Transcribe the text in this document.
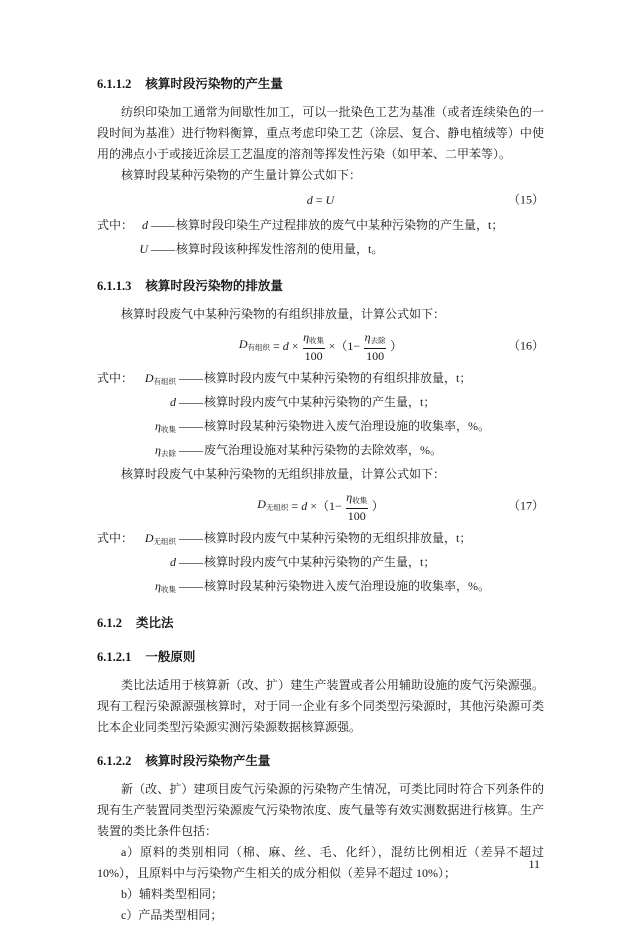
6.1.1.2 核算时段污染物的产生量

纺织印染加工通常为间歇性加工，可以一批染色工艺为基准（或者连续染色的一段时间为基准）进行物料衡算，重点考虑印染工艺（涂层、复合、静电植绒等）中使用的沸点小于或接近涂层工艺温度的溶剂等挥发性污染（如甲苯、二甲苯等）。

核算时段某种污染物的产生量计算公式如下：

d = U	（15）
式中： d —— 核算时段印染生产过程排放的废气中某种污染物的产生量，t；
U —— 核算时段该种挥发性溶剂的使用量，t。
6.1.1.3 核算时段污染物的排放量

核算时段废气中某种污染物的有组织排放量，计算公式如下：

$D_{有组织} = d \times \frac{\eta_{收集}}{100} \times(1- \frac{\eta_{去除}}{100}$ ）	（16）
式中： $D_{有组织}$ —— 核算时段内废气中某种污染物的有组织排放量，t；
d —— 核算时段内废气中某种污染物的产生量，t；
$\eta_{收集}$ —— 核算时段某种污染物进入废气治理设施的收集率，%。
$\eta_{去除}$ —— 废气治理设施对某种污染物的去除效率，%。

核算时段废气中某种污染物的无组织排放量，计算公式如下：

$D_{无组织} = d \times(1- \frac{\eta_{收集}}{100}$ ）	（17）
式中： $D_{无组织}$ —— 核算时段内废气中某种污染物的无组织排放量，t；
d —— 核算时段内废气中某种污染物的产生量，t；
$\eta_{收集}$ —— 核算时段某种污染物进入废气治理设施的收集率，%。
6.1.2 类比法
6.1.2.1 一般原则

类比法适用于核算新（改、扩）建生产装置或者公用辅助设施的废气污染源强。现有工程污染源源强核算时，对于同一企业有多个同类型污染源时，其他污染源可类比本企业同类型污染源实测污染源数据核算源强。

6.1.2.2 核算时段污染物产生量

新（改、扩）建项目废气污染源的污染物产生情况，可类比同时符合下列条件的现有生产装置同类型污染源废气污染物浓度、废气量等有效实测数据进行核算。生产装置的类比条件包括：

a）原料的类别相同（棉、麻、丝、毛、化纤），混纺比例相近（差异不超过 10%），且原料中与污染物产生相关的成分相似（差异不超过 10%）；

b）辅料类型相同；

c）产品类型相同；

11
